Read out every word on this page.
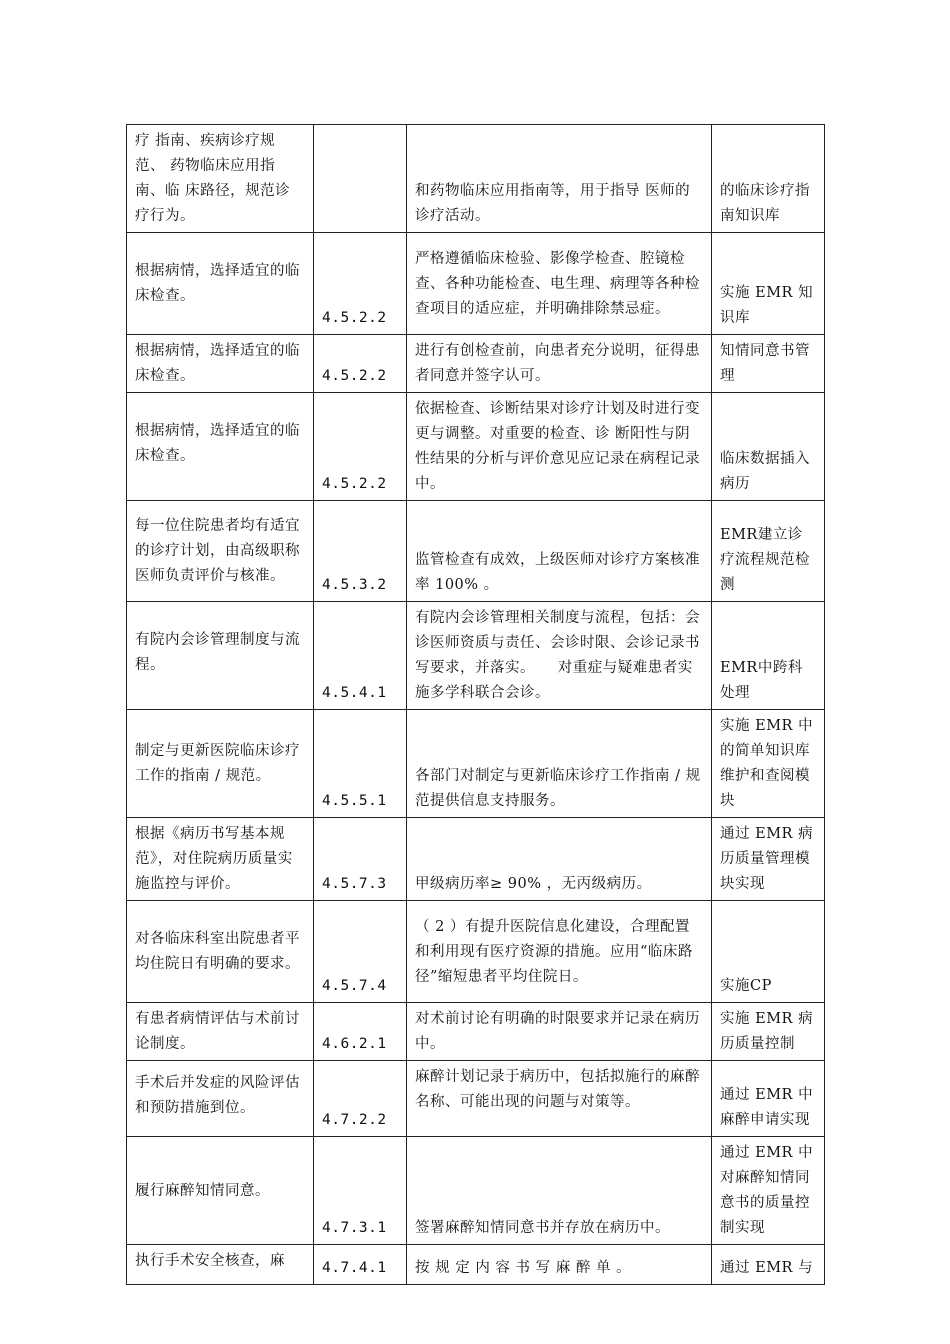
疗 指南、疾病诊疗规范、 药物临床应用指南、临 床路径，规范诊疗行为。		和药物临床应用指南等，用于指导 医师的诊疗活动。	的临床诊疗指南知识库
根据病情，选择适宜的临床检查。	4.5.2.2	严格遵循临床检验、影像学检查、腔镜检查、各种功能检查、电生理、病理等各种检查项目的适应症，并明确排除禁忌症。	实施 EMR 知识库
根据病情，选择适宜的临床检查。	4.5.2.2	进行有创检查前，向患者充分说明，征得患者同意并签字认可。	知情同意书管理
根据病情，选择适宜的临床检查。	4.5.2.2	依据检查、诊断结果对诊疗计划及时进行变更与调整。对重要的检查、诊 断阳性与阴性结果的分析与评价意见应记录在病程记录中。	临床数据插入病历
每一位住院患者均有适宜的诊疗计划，由高级职称医师负责评价与核准。	4.5.3.2	监管检查有成效，上级医师对诊疗方案核准率 100% 。	EMR建立诊疗流程规范检测
有院内会诊管理制度与流程。	4.5.4.1	有院内会诊管理相关制度与流程，包括：会诊医师资质与责任、会诊时限、会诊记录书写要求，并落实。　　对重症与疑难患者实施多学科联合会诊。	EMR中跨科处理
制定与更新医院临床诊疗工作的指南 / 规范。	4.5.5.1	各部门对制定与更新临床诊疗工作指南 / 规范提供信息支持服务。	实施 EMR 中的简单知识库维护和查阅模块
根据《病历书写基本规范》，对住院病历质量实 施监控与评价。	4.5.7.3	甲级病历率≥ 90% ，无丙级病历。	通过 EMR 病历质量管理模块实现
对各临床科室出院患者平均住院日有明确的要求。	4.5.7.4	（ 2 ）有提升医院信息化建设，合理配置和利用现有医疗资源的措施。应用“临床路径”缩短患者平均住院日。	实施CP
有患者病情评估与术前讨论制度。	4.6.2.1	对术前讨论有明确的时限要求并记录在病历中。	实施 EMR 病历质量控制
手术后并发症的风险评估和预防措施到位。	4.7.2.2	麻醉计划记录于病历中，包括拟施行的麻醉名称、可能出现的问题与对策等。	通过 EMR 中麻醉申请实现
履行麻醉知情同意。	4.7.3.1	签署麻醉知情同意书并存放在病历中。	通过 EMR 中对麻醉知情同意书的质量控制实现
执行手术安全核查，麻	4.7.4.1	按 规 定 内 容 书 写 麻 醉 单 。	通过 EMR 与
